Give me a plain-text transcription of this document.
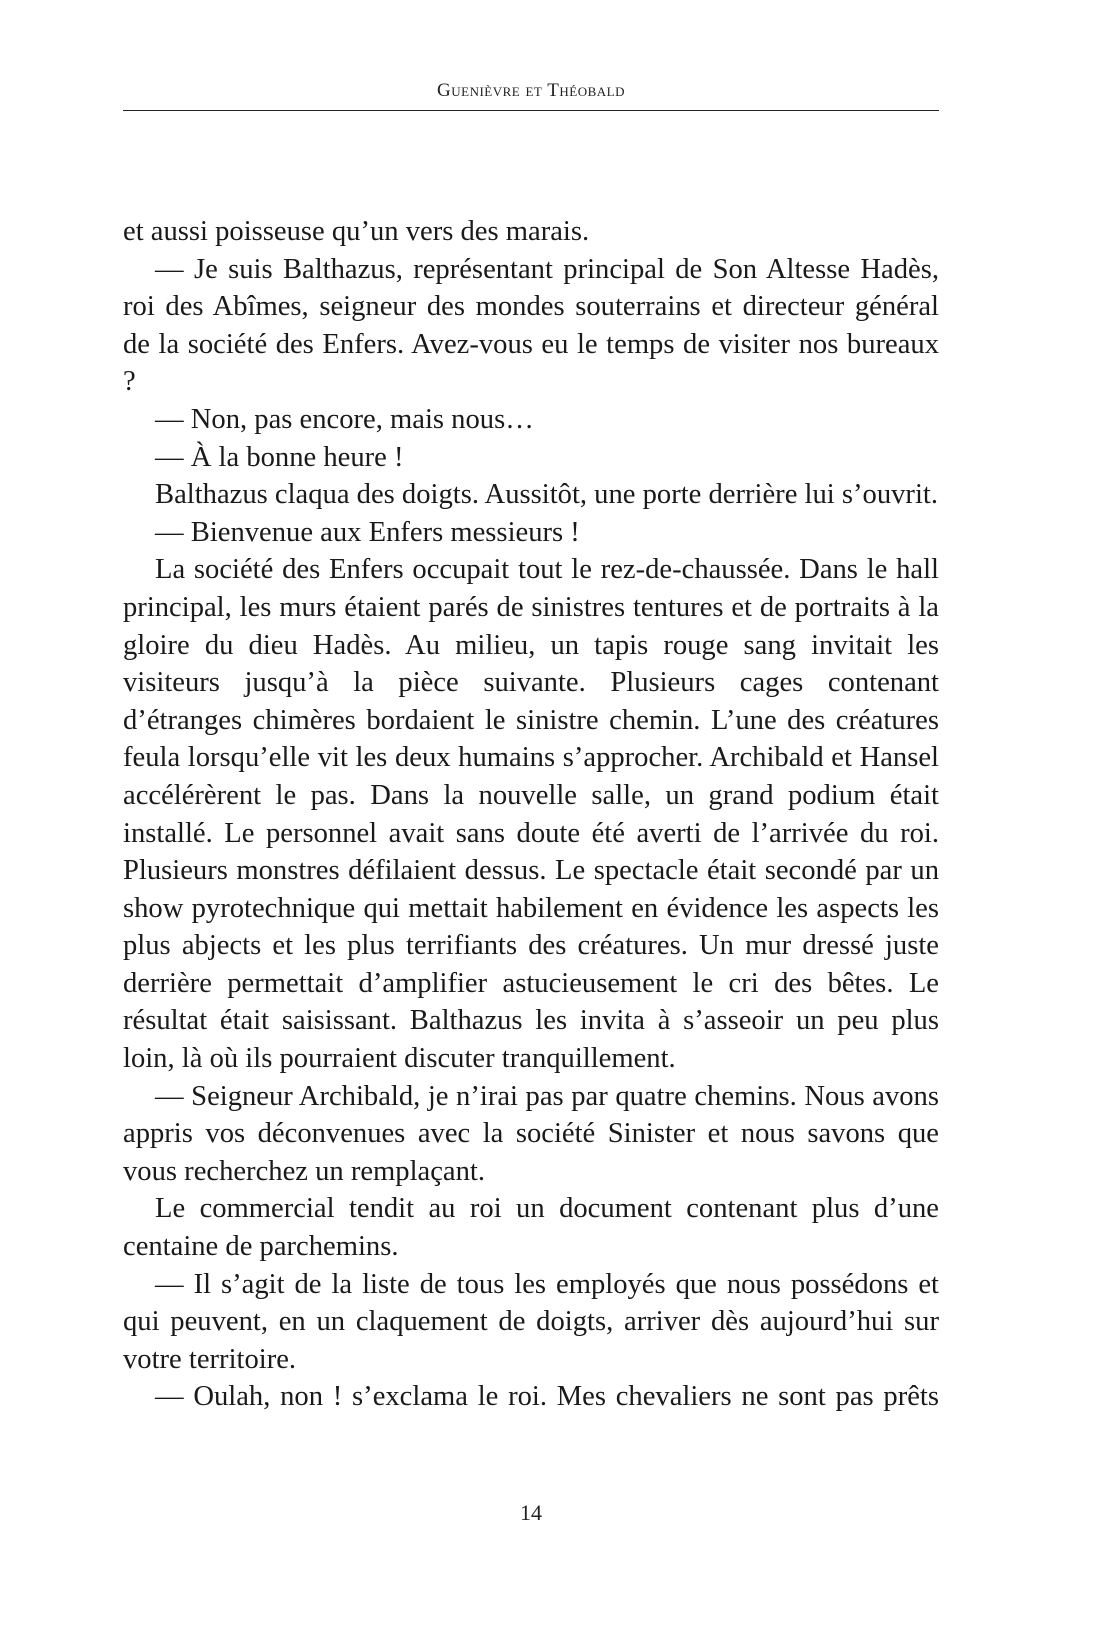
Guenièvre et Théobald

et aussi poisseuse qu’un vers des marais.

— Je suis Balthazus, représentant principal de Son Altesse Hadès, roi des Abîmes, seigneur des mondes souterrains et directeur général de la société des Enfers. Avez-vous eu le temps de visiter nos bureaux ?

— Non, pas encore, mais nous…

— À la bonne heure !

Balthazus claqua des doigts. Aussitôt, une porte derrière lui s’ouvrit.

— Bienvenue aux Enfers messieurs !

La société des Enfers occupait tout le rez-de-chaussée. Dans le hall principal, les murs étaient parés de sinistres tentures et de portraits à la gloire du dieu Hadès. Au milieu, un tapis rouge sang invitait les visiteurs jusqu’à la pièce suivante. Plusieurs cages contenant d’étranges chimères bordaient le sinistre chemin. L’une des créatures feula lorsqu’elle vit les deux humains s’approcher. Archibald et Hansel accélérèrent le pas. Dans la nouvelle salle, un grand podium était installé. Le personnel avait sans doute été averti de l’arrivée du roi. Plusieurs monstres défilaient dessus. Le spectacle était secondé par un show pyrotechnique qui mettait habilement en évidence les aspects les plus abjects et les plus terrifiants des créatures. Un mur dressé juste derrière permettait d’amplifier astucieusement le cri des bêtes. Le résultat était saisissant. Balthazus les invita à s’asseoir un peu plus loin, là où ils pourraient discuter tranquillement.

— Seigneur Archibald, je n’irai pas par quatre chemins. Nous avons appris vos déconvenues avec la société Sinister et nous savons que vous recherchez un remplaçant.

Le commercial tendit au roi un document contenant plus d’une centaine de parchemins.

— Il s’agit de la liste de tous les employés que nous possédons et qui peuvent, en un claquement de doigts, arriver dès aujourd’hui sur votre territoire.

— Oulah, non ! s’exclama le roi. Mes chevaliers ne sont pas prêts

14
